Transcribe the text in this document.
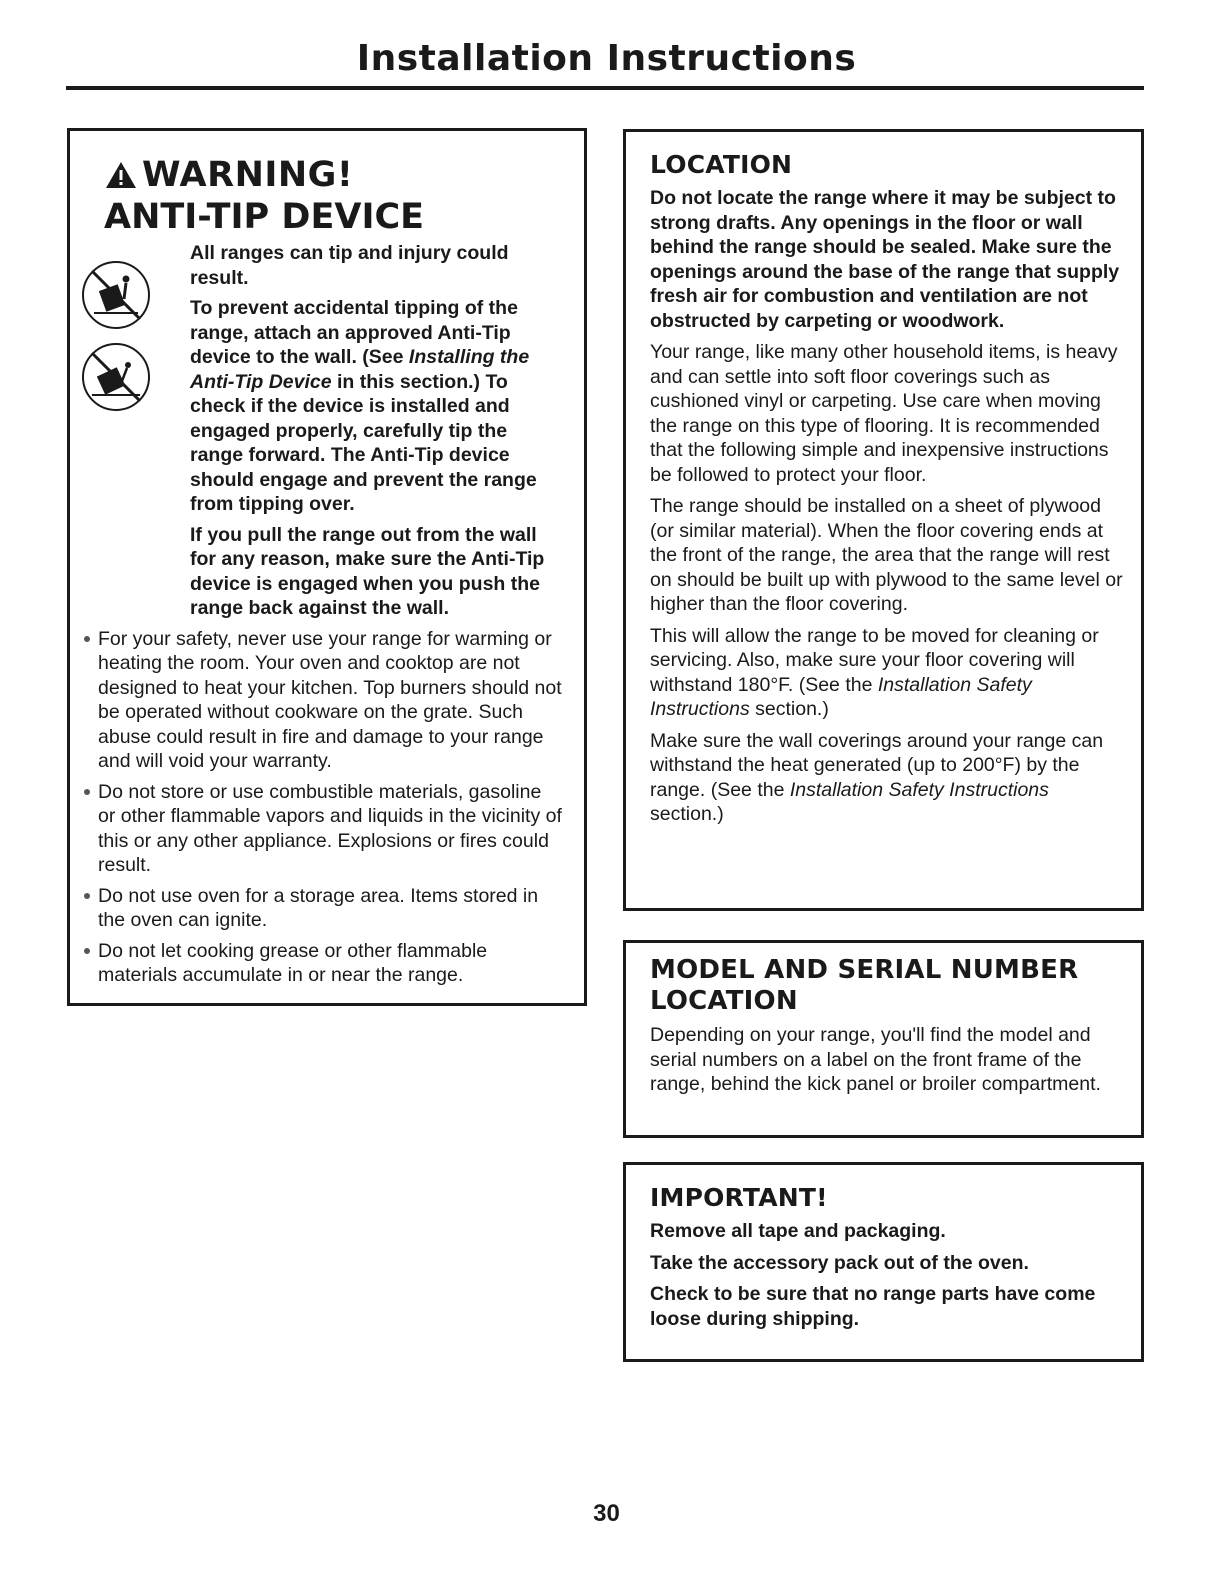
Installation Instructions
WARNING!
ANTI-TIP DEVICE

All ranges can tip and injury could result.

To prevent accidental tipping of the range, attach an approved Anti-Tip device to the wall. (See Installing the Anti-Tip Device in this section.) To check if the device is installed and engaged properly, carefully tip the range forward. The Anti-Tip device should engage and prevent the range from tipping over.

If you pull the range out from the wall for any reason, make sure the Anti-Tip device is engaged when you push the range back against the wall.

For your safety, never use your range for warming or heating the room. Your oven and cooktop are not designed to heat your kitchen. Top burners should not be operated without cookware on the grate. Such abuse could result in fire and damage to your range and will void your warranty.
Do not store or use combustible materials, gasoline or other flammable vapors and liquids in the vicinity of this or any other appliance. Explosions or fires could result.
Do not use oven for a storage area. Items stored in the oven can ignite.
Do not let cooking grease or other flammable materials accumulate in or near the range.
LOCATION

Do not locate the range where it may be subject to strong drafts. Any openings in the floor or wall behind the range should be sealed. Make sure the openings around the base of the range that supply fresh air for combustion and ventilation are not obstructed by carpeting or woodwork.

Your range, like many other household items, is heavy and can settle into soft floor coverings such as cushioned vinyl or carpeting. Use care when moving the range on this type of flooring. It is recommended that the following simple and inexpensive instructions be followed to protect your floor.

The range should be installed on a sheet of plywood (or similar material). When the floor covering ends at the front of the range, the area that the range will rest on should be built up with plywood to the same level or higher than the floor covering.

This will allow the range to be moved for cleaning or servicing. Also, make sure your floor covering will withstand 180°F. (See the Installation Safety Instructions section.)

Make sure the wall coverings around your range can withstand the heat generated (up to 200°F) by the range. (See the Installation Safety Instructions section.)

MODEL AND SERIAL NUMBER
LOCATION

Depending on your range, you'll find the model and serial numbers on a label on the front frame of the range, behind the kick panel or broiler compartment.

IMPORTANT!

Remove all tape and packaging.

Take the accessory pack out of the oven.

Check to be sure that no range parts have come loose during shipping.

30
